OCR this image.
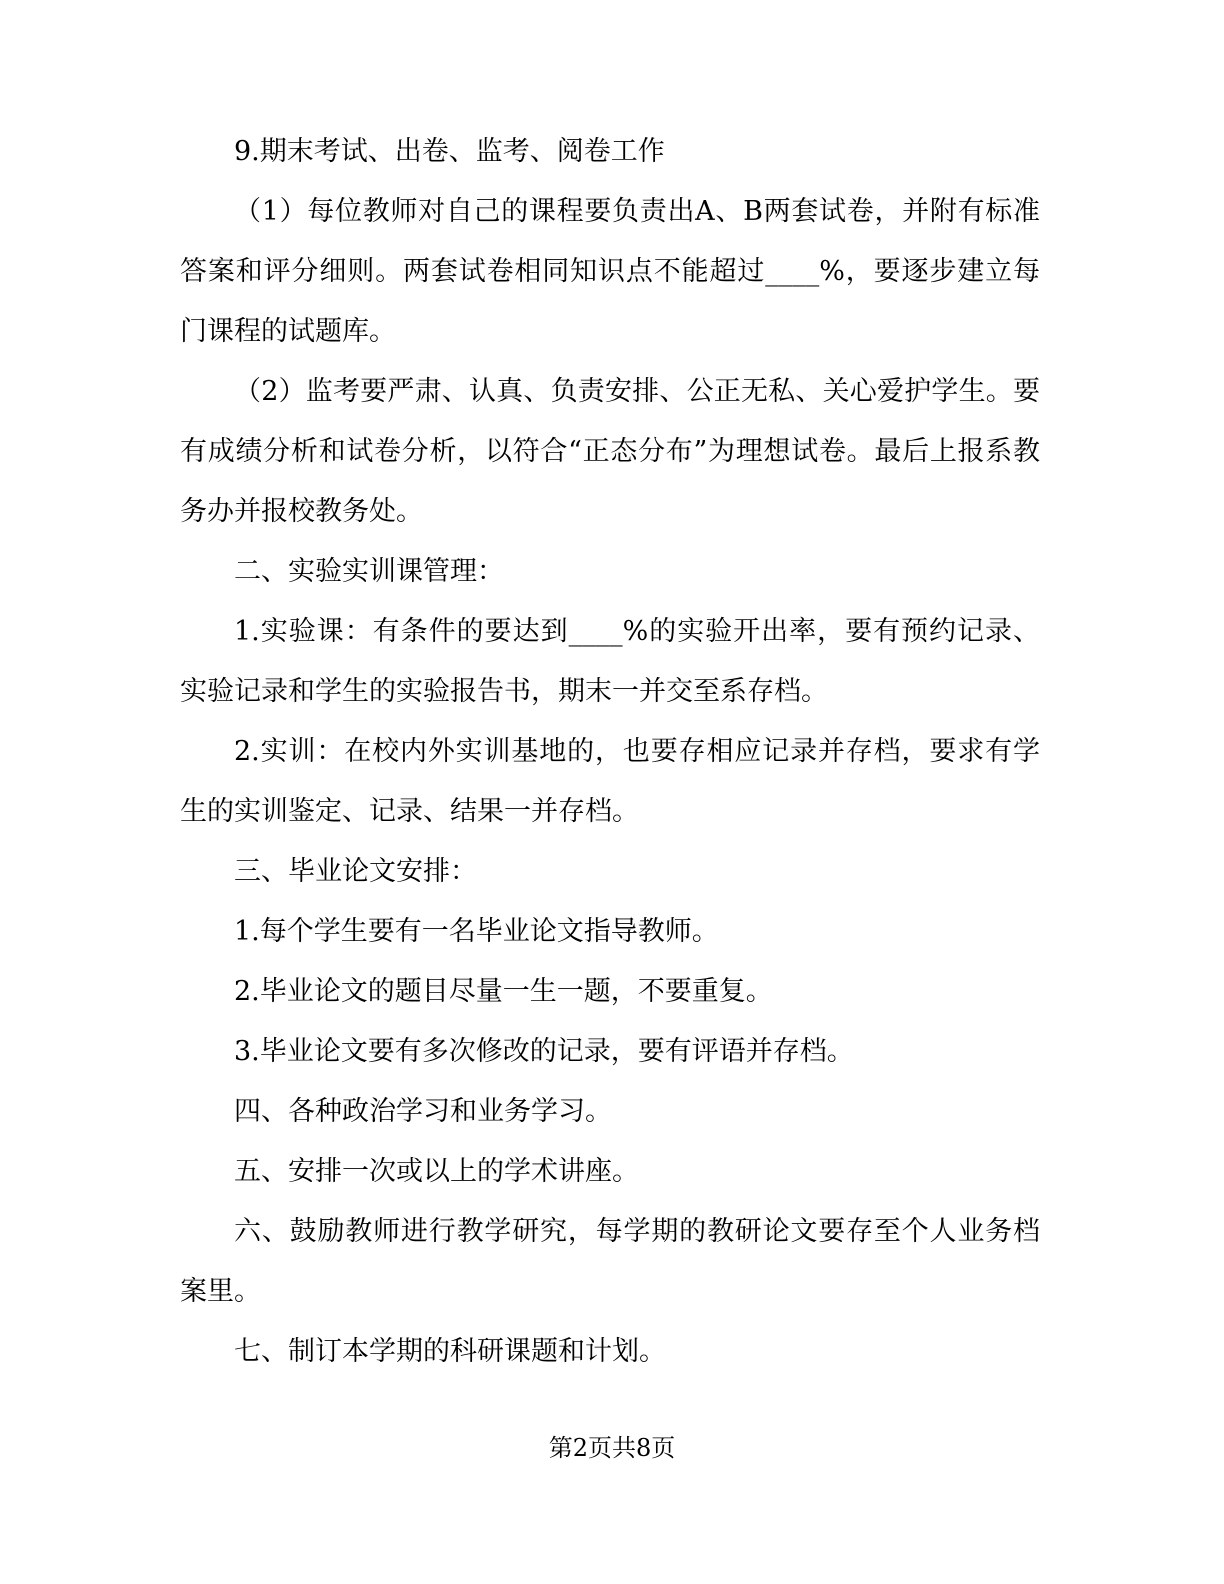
9.期末考试、出卷、监考、阅卷工作

（1）每位教师对自己的课程要负责出A、B两套试卷，并附有标准答案和评分细则。两套试卷相同知识点不能超过____%，要逐步建立每门课程的试题库。

（2）监考要严肃、认真、负责安排、公正无私、关心爱护学生。要有成绩分析和试卷分析，以符合“正态分布”为理想试卷。最后上报系教务办并报校教务处。

二、实验实训课管理：

1.实验课：有条件的要达到____%的实验开出率，要有预约记录、实验记录和学生的实验报告书，期末一并交至系存档。

2.实训：在校内外实训基地的，也要存相应记录并存档，要求有学生的实训鉴定、记录、结果一并存档。

三、毕业论文安排：

1.每个学生要有一名毕业论文指导教师。

2.毕业论文的题目尽量一生一题，不要重复。

3.毕业论文要有多次修改的记录，要有评语并存档。

四、各种政治学习和业务学习。

五、安排一次或以上的学术讲座。

六、鼓励教师进行教学研究，每学期的教研论文要存至个人业务档案里。

七、制订本学期的科研课题和计划。

第2页共8页
